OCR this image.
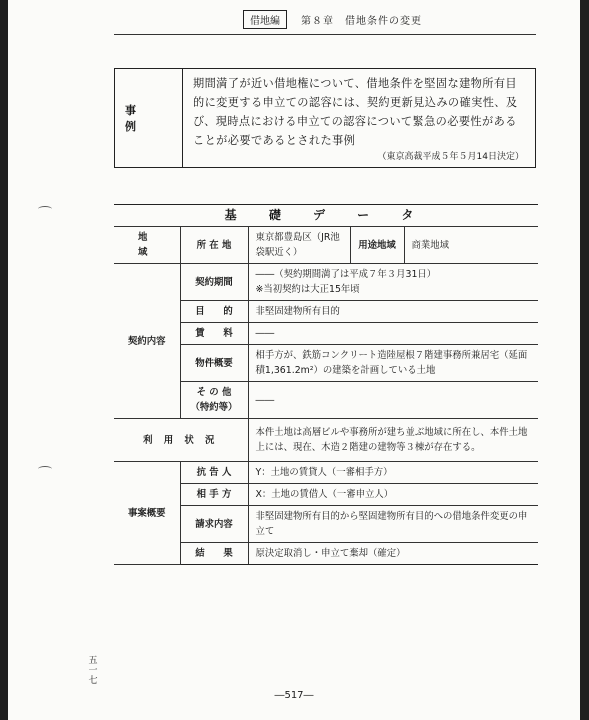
借地編	第８章　借地条件の変更
事　例
期間満了が近い借地権について、借地条件を堅固な建物所有目的に変更する申立ての認容には、契約更新見込みの確実性、及び、現時点における申立ての認容について緊急の必要性があることが必要であるとされた事例
（東京高裁平成５年５月14日決定）
基 礎 デ ー タ				
地　域	所 在 地	東京都豊島区（JR池袋駅近く）	用途地域	商業地域
契約内容	契約期間	――（契約期間満了は平成７年３月31日）
※当初契約は大正15年頃		

	目　　的	非堅固建物所有目的		
	賃　　料	――		
	物件概要	相手方が、鉄筋コンクリート造陸屋根７階建事務所兼居宅（延面積1,361.2m²）の建築を計画している土地		

	そ の 他
（特約等）	――		
利 用 状 況		本件土地は高層ビルや事務所が建ち並ぶ地域に所在し、本件土地上には、現在、木造２階建の建物等３棟が存在する。		
事案概要	抗 告 人	Y：土地の賃貸人（一審相手方）		
	相 手 方	X：土地の賃借人（一審申立人）		
	請求内容	非堅固建物所有目的から堅固建物所有目的への借地条件変更の申立て		
	結　　果	原決定取消し・申立て棄却（確定）		
五一七
―517―
